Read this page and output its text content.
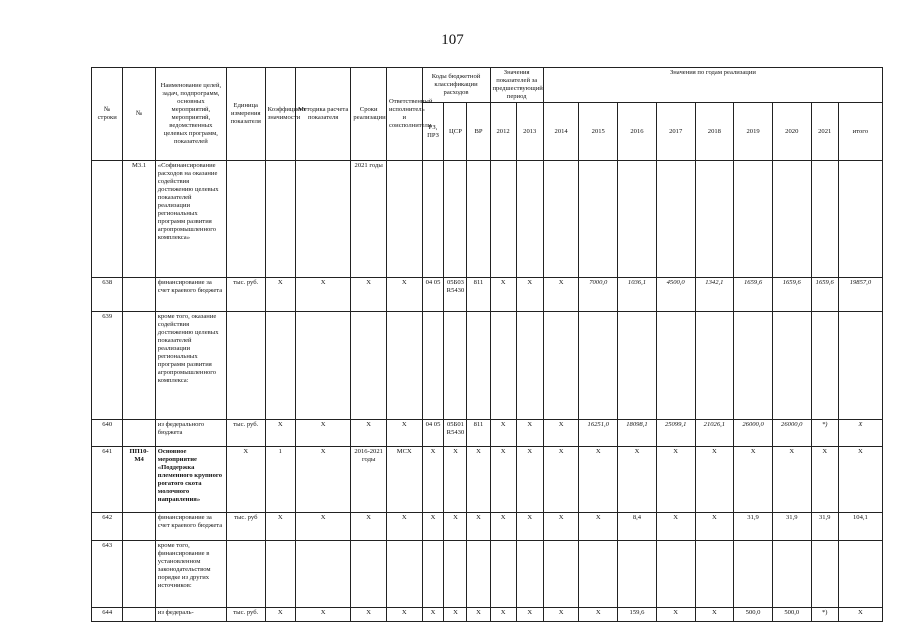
107
№ строки	№	Наименование целей, задач, подпрограмм, основных мероприятий, мероприятий, ведомственных целевых программ, показателей	Единица измерения показателя	Коэффициент значимости	Методика расчета показателя	Сроки реализации	Ответственный исполнитель и соисполнители	Коды бюджетной классификации расходов			Значения показателей за предшествующий период		Значения по годам реализации								
								РЗ, ПРЗ	ЦСР	ВР	2012	2013	2014	2015	2016	2017	2018	2019	2020	2021	итого
	М3.1	«Софинансирование расходов на оказание содействия достижению целевых показателей реализации региональных программ развития агропромышленного комплекса»				2021 годы															
638		финансирование за счет краевого бюджета	тыс. руб.	X	X	X	X	04 05	05Б03 R5430	811	X	X	X	7000,0	1036,1	4500,0	1342,1	1659,6	1659,6	1659,6	19857,0
639		кроме того, оказание содействия достижению целевых показателей реализации региональных программ развития агропромышленного комплекса:																			
640		из федерального бюджета	тыс. руб.	X	X	X	X	04 05	05Б01 R5430	811	X	X	X	16251,0	18098,1	25099,1	21026,1	26000,0	26000,0	*)	X
641	ПП10-М4	Основное мероприятие «Поддержка племенного крупного рогатого скота молочного направления»	X	1	X	2016-2021 годы	МСХ	X	X	X	X	X	X	X	X	X	X	X	X	X	X
642		финансирование за счет краевого бюджета	тыс. руб	X	X	X	X	X	X	X	X	X	X	X	8,4	X	X	31,9	31,9	31,9	104,1
643		кроме того, финансирование в установленном законодательством порядке из других источников:																			
644		из федераль-	тыс. руб.	X	X	X	X	X	X	X	X	X	X	X	159,6	X	X	500,0	500,0	*)	X
